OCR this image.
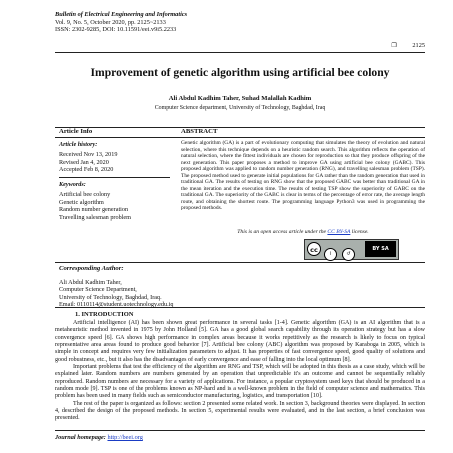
Bulletin of Electrical Engineering and Informatics
Vol. 9, No. 5, October 2020, pp. 2125~2133
ISSN: 2302-9285, DOI: 10.11591/eei.v9i5.2233
❒ 2125
Improvement of genetic algorithm using artificial bee colony
Ali Abdul Kadhim Taher, Suhad Malallah Kadhim
Computer Science department, University of Technology, Baghdad, Iraq
Article Info	ABSTRACT
Article history:
Received Nov 13, 2019
Revised Jan 4, 2020
Accepted Feb 8, 2020
Keywords:
Artificial bee colony
Genetic algorithm
Random number generation
Travelling salesman problem
Genetic algorithm (GA) is a part of evolutionary computing that simulates the theory of evolution and natural selection, where this technique depends on a heuristic random search. This algorithm reflects the operation of natural selection, where the fittest individuals are chosen for reproduction so that they produce offspring of the next generation. This paper proposes a method to improve GA using artificial bee colony (GABC). This proposed algorithm was applied to random number generation (RNG), and travelling salesman problem (TSP). The proposed method used to generate initial populations for GA rather than the random generation that used in traditional GA. The results of testing on RNG show that the proposed GABC was better than traditional GA in the mean iteration and the execution time. The results of testing TSP show the superiority of GABC on the traditional GA. The superiority of the GABC is clear in terms of the percentage of error rate, the average length route, and obtaining the shortest route. The programming language Python3 was used in programming the proposed methods.
This is an open access article under the CC BY-SA license.
cc	i	↺
BY SA
Corresponding Author:
Ali Abdul Kadhim Taher,
Computer Science Department,
University of Technology, Baghdad, Iraq.
Email: 0110114@student.uotechnology.edu.iq
1. INTRODUCTION

Artificial intelligence (AI) has been shown great performance in several tasks [1-4]. Genetic algorithm (GA) is an AI algorithm that is a metaheuristic method invented in 1975 by John Holland [5]. GA has a good global search capability through its operation strategy but has a slow convergence speed [6]. GA shows high performance in complex areas because it works repetitively as the research is likely to focus on typical representative area areas found to produce good behavior [7]. Artificial bee colony (ABC) algorithm was proposed by Karaboga in 2005, which is simple in concept and requires very few initialization parameters to adjust. It has properties of fast convergence speed, good quality of solutions and good robustness, etc., but it also has the disadvantages of early convergence and ease of falling into the local optimum [8].

Important problems that test the efficiency of the algorithm are RNG and TSP, which will be adopted in this thesis as a case study, which will be explained later. Random numbers are numbers generated by an operation that unpredictable it's an outcome and cannot be sequentially reliably reproduced. Random numbers are necessary for a variety of applications. For instance, a popular cryptosystem used keys that should be produced in a random mode [9]. TSP is one of the problems known as NP-hard and is a well-known problem in the field of computer science and mathematics. This problem has been used in many fields such as semiconductor manufacturing, logistics, and transportation [10].

The rest of the paper is organized as follows: section 2 presented some related work. In section 3, background theories were displayed. In section 4, described the design of the proposed methods. In section 5, experimental results were evaluated, and in the last section, a brief conclusion was presented.

Journal homepage: http://beei.org
